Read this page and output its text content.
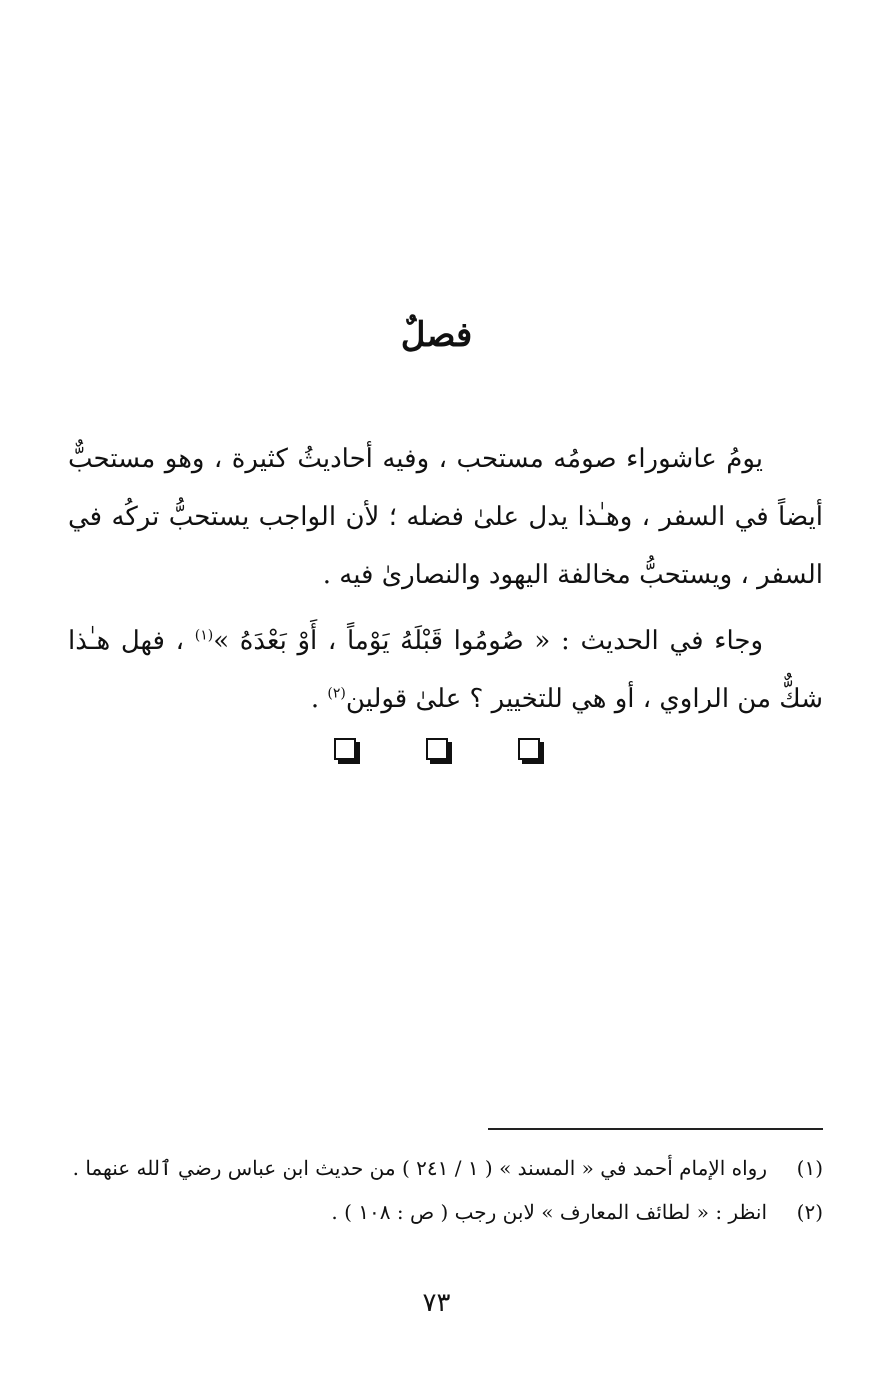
فصلٌ

يومُ عاشوراء صومُه مستحب ، وفيه أحاديثُ كثيرة ، وهو مستحبٌّ أيضاً في السفر ، وهـٰذا يدل علىٰ فضله ؛ لأن الواجب يستحبُّ تركُه في السفر ، ويستحبُّ مخالفة اليهود والنصارىٰ فيه .

وجاء في الحديث : « صُومُوا قَبْلَهُ يَوْماً ، أَوْ بَعْدَهُ »$^{(١)}$ ، فهل هـٰذا شكٌّ من الراوي ، أو هي للتخيير ؟ علىٰ قولين$^{(٢)}$ .

(١)
رواه الإمام أحمد في « المسند » ( ١ / ٢٤١ ) من حديث ابن عباس رضي ٱلله عنهما .
(٢)
انظر : « لطائف المعارف » لابن رجب ( ص : ١٠٨ ) .
٧٣
